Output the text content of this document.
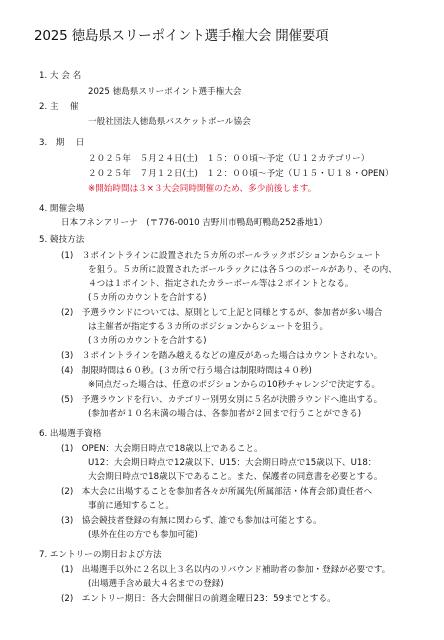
2025 徳島県スリーポイント選手権大会 開催要項
1. 大 会 名
2025 徳島県スリーポイント選手権大会
2. 主　 催
一般社団法人徳島県バスケットボール協会
3.　期　 日
２０２５年　５月２４日(土)　１５：００頃～予定（Ｕ１２カテゴリー）
２０２５年　７月１２日(土)　１２：００頃～予定（Ｕ１５・Ｕ１８・OPEN）
※開始時間は３×３大会同時開催のため、多少前後します。
4. 開催会場
日本フネンアリーナ　(〒776-0010 吉野川市鴨島町鴨島252番地1）
5. 競技方法
(1)　３ポイントラインに設置された５カ所のボールラックポジションからシュート
を狙う。５カ所に設置されたボールラックには各５つのボールがあり、その内、
４つは１ポイント、指定されたカラーボール等は２ポイントとなる。
(５カ所のカウントを合計する)
(2)　予選ラウンドについては、原則として上記と同様とするが、参加者が多い場合
は主催者が指定する３カ所のポジションからシュートを狙う。
(３カ所のカウントを合計する)
(3)　３ポイントラインを踏み越えるなどの違反があった場合はカウントされない。
(4)　制限時間は６０秒。(３カ所で行う場合は制限時間は４０秒)
※同点だった場合は、任意のポジションからの10秒チャレンジで決定する。
(5)　予選ラウンドを行い、カテゴリー別男女別に５名が決勝ラウンドへ進出する。
(参加者が１０名未満の場合は、各参加者が２回まで行うことができる)
6. 出場選手資格
(1)　OPEN：大会期日時点で18歳以上であること。
U12：大会期日時点で12歳以下、U15：大会期日時点で15歳以下、U18：
大会期日時点で18歳以下であること。また、保護者の同意書を必要とする。
(2)　本大会に出場することを参加者各々が所属先(所属部活・体育会部)責任者へ
事前に通知すること。
(3)　協会競技者登録の有無に関わらず、誰でも参加は可能とする。
(県外在住の方でも参加可能)
7. エントリーの期日および方法
(1)　出場選手以外に２名以上３名以内のリバウンド補助者の参加・登録が必要です。
(出場選手含め最大４名までの登録)
(2)　エントリー期日：各大会開催日の前週金曜日23：59までとする。
